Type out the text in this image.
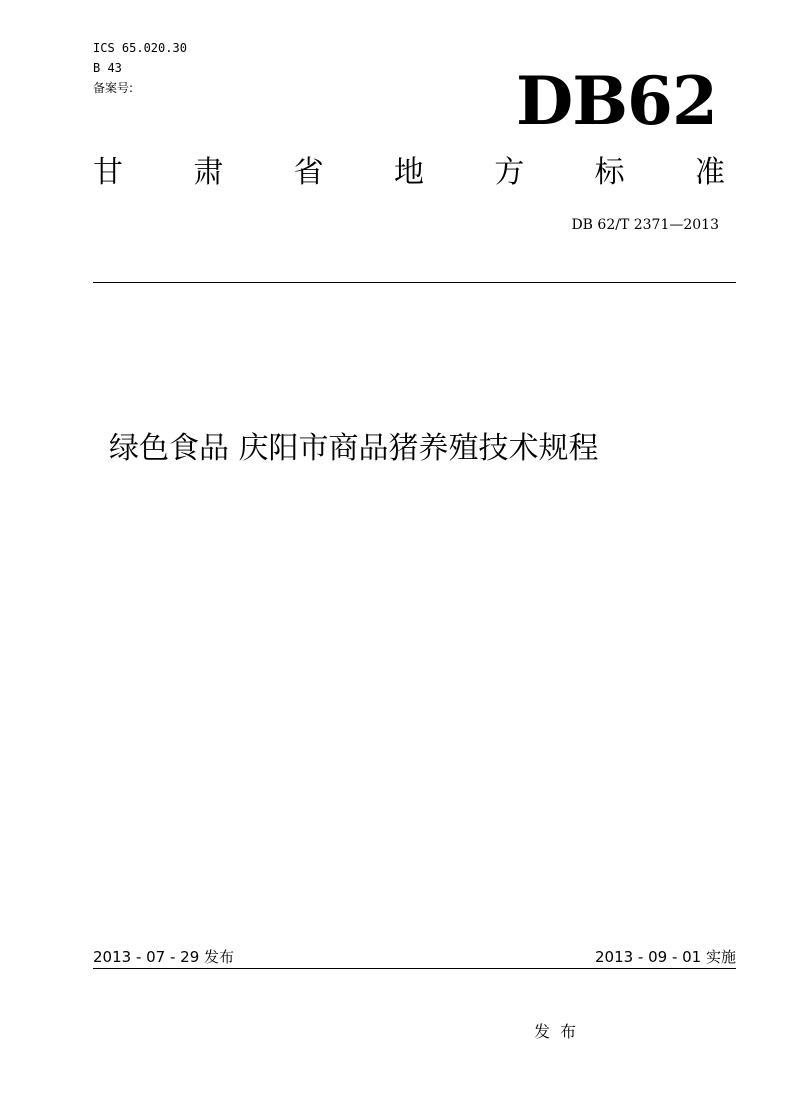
ICS 65.020.30
B 43
备案号:	DB62
甘 肃 省 地 方 标 准
DB 62/T 2371—2013
绿色食品 庆阳市商品猪养殖技术规程
2013 - 07 - 29 发布	2013 - 09 - 01 实施
发布
